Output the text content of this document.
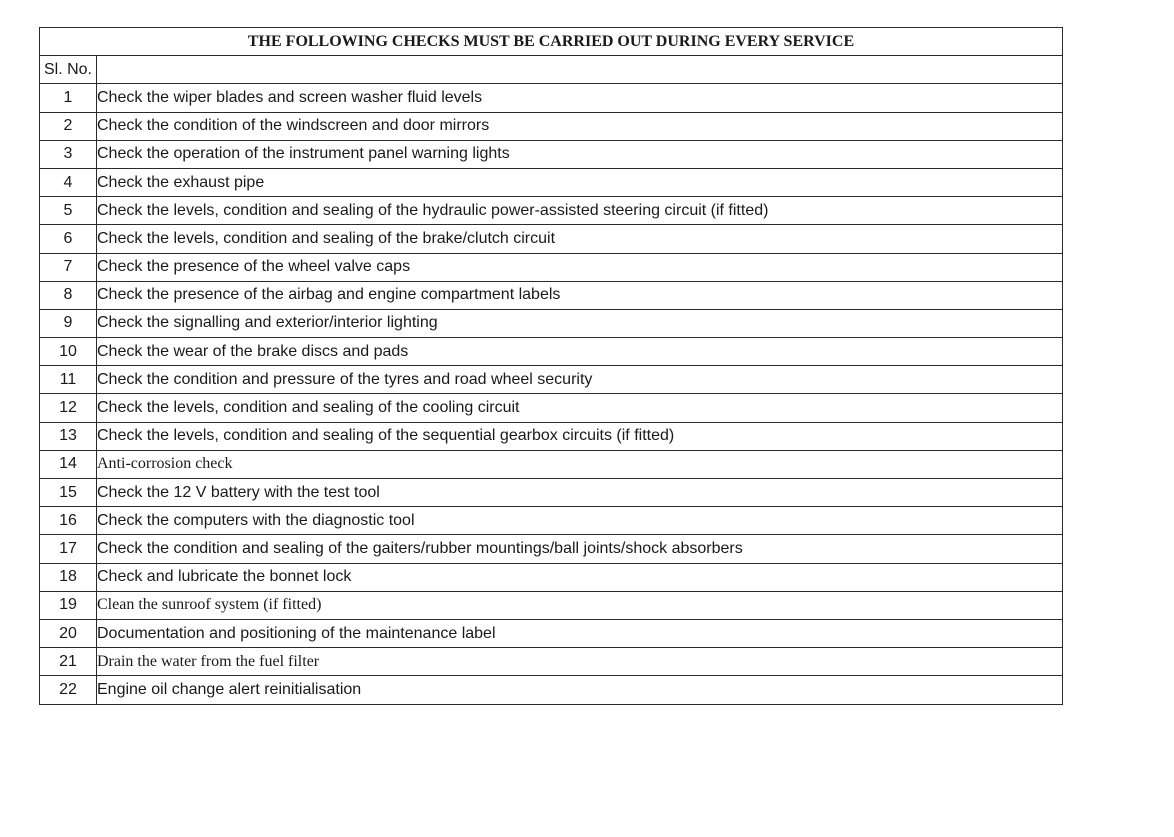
THE FOLLOWING CHECKS MUST BE CARRIED OUT DURING EVERY SERVICE	
Sl. No.	
1	Check the wiper blades and screen washer fluid levels
2	Check the condition of the windscreen and door mirrors
3	Check the operation of the instrument panel warning lights
4	Check the exhaust pipe
5	Check the levels, condition and sealing of the hydraulic power-assisted steering circuit (if fitted)
6	Check the levels, condition and sealing of the brake/clutch circuit
7	Check the presence of the wheel valve caps
8	Check the presence of the airbag and engine compartment labels
9	Check the signalling and exterior/interior lighting
10	Check the wear of the brake discs and pads
11	Check the condition and pressure of the tyres and road wheel security
12	Check the levels, condition and sealing of the cooling circuit
13	Check the levels, condition and sealing of the sequential gearbox circuits (if fitted)
14	Anti-corrosion check
15	Check the 12 V battery with the test tool
16	Check the computers with the diagnostic tool
17	Check the condition and sealing of the gaiters/rubber mountings/ball joints/shock absorbers
18	Check and lubricate the bonnet lock
19	Clean the sunroof system (if fitted)
20	Documentation and positioning of the maintenance label
21	Drain the water from the fuel filter
22	Engine oil change alert reinitialisation
